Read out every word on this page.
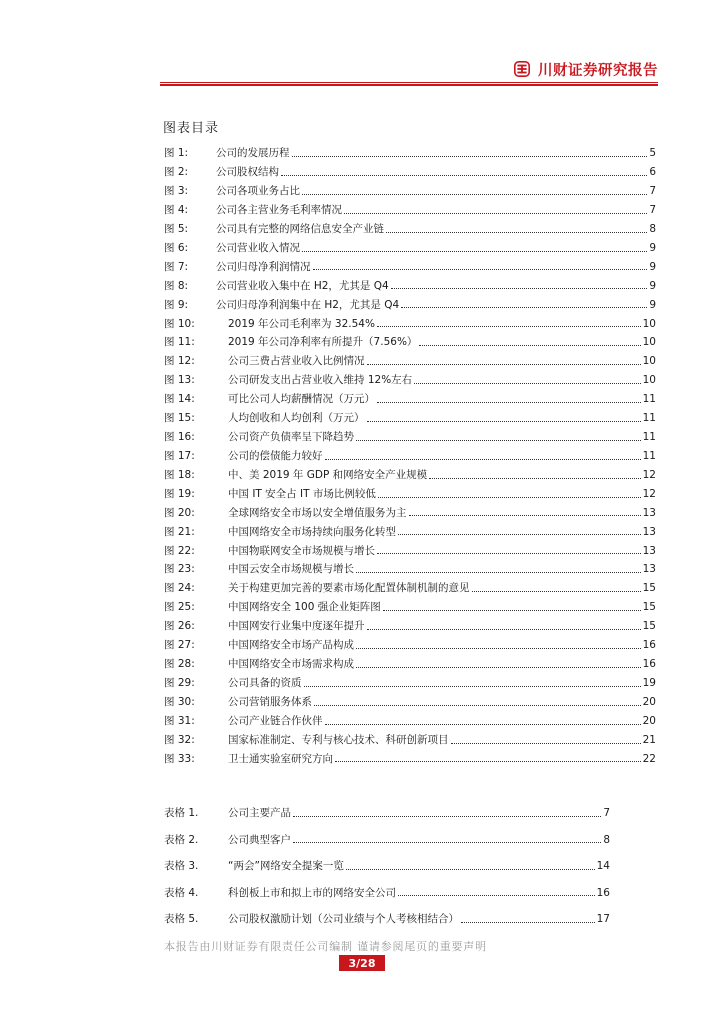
川财证券研究报告
图表目录
图 1:	公司的发展历程	5
图 2:	公司股权结构	6
图 3:	公司各项业务占比	7
图 4:	公司各主营业务毛利率情况	7
图 5:	公司具有完整的网络信息安全产业链	8
图 6:	公司营业收入情况	9
图 7:	公司归母净利润情况	9
图 8:	公司营业收入集中在 H2，尤其是 Q4	9
图 9:	公司归母净利润集中在 H2，尤其是 Q4	9
图 10:	2019 年公司毛利率为 32.54%	10
图 11:	2019 年公司净利率有所提升（7.56%）	10
图 12:	公司三费占营业收入比例情况	10
图 13:	公司研发支出占营业收入维持 12%左右	10
图 14:	可比公司人均薪酬情况（万元）	11
图 15:	人均创收和人均创利（万元）	11
图 16:	公司资产负债率呈下降趋势	11
图 17:	公司的偿债能力较好	11
图 18:	中、美 2019 年 GDP 和网络安全产业规模	12
图 19:	中国 IT 安全占 IT 市场比例较低	12
图 20:	全球网络安全市场以安全增值服务为主	13
图 21:	中国网络安全市场持续向服务化转型	13
图 22:	中国物联网安全市场规模与增长	13
图 23:	中国云安全市场规模与增长	13
图 24:	关于构建更加完善的要素市场化配置体制机制的意见	15
图 25:	中国网络安全 100 强企业矩阵图	15
图 26:	中国网安行业集中度逐年提升	15
图 27:	中国网络安全市场产品构成	16
图 28:	中国网络安全市场需求构成	16
图 29:	公司具备的资质	19
图 30:	公司营销服务体系	20
图 31:	公司产业链合作伙伴	20
图 32:	国家标准制定、专利与核心技术、科研创新项目	21
图 33:	卫士通实验室研究方向	22
表格 1.	公司主要产品	7
表格 2.	公司典型客户	8
表格 3.	“两会”网络安全提案一览	14
表格 4.	科创板上市和拟上市的网络安全公司	16
表格 5.	公司股权激励计划（公司业绩与个人考核相结合）	17
本报告由川财证券有限责任公司编制 谨请参阅尾页的重要声明
3/28
